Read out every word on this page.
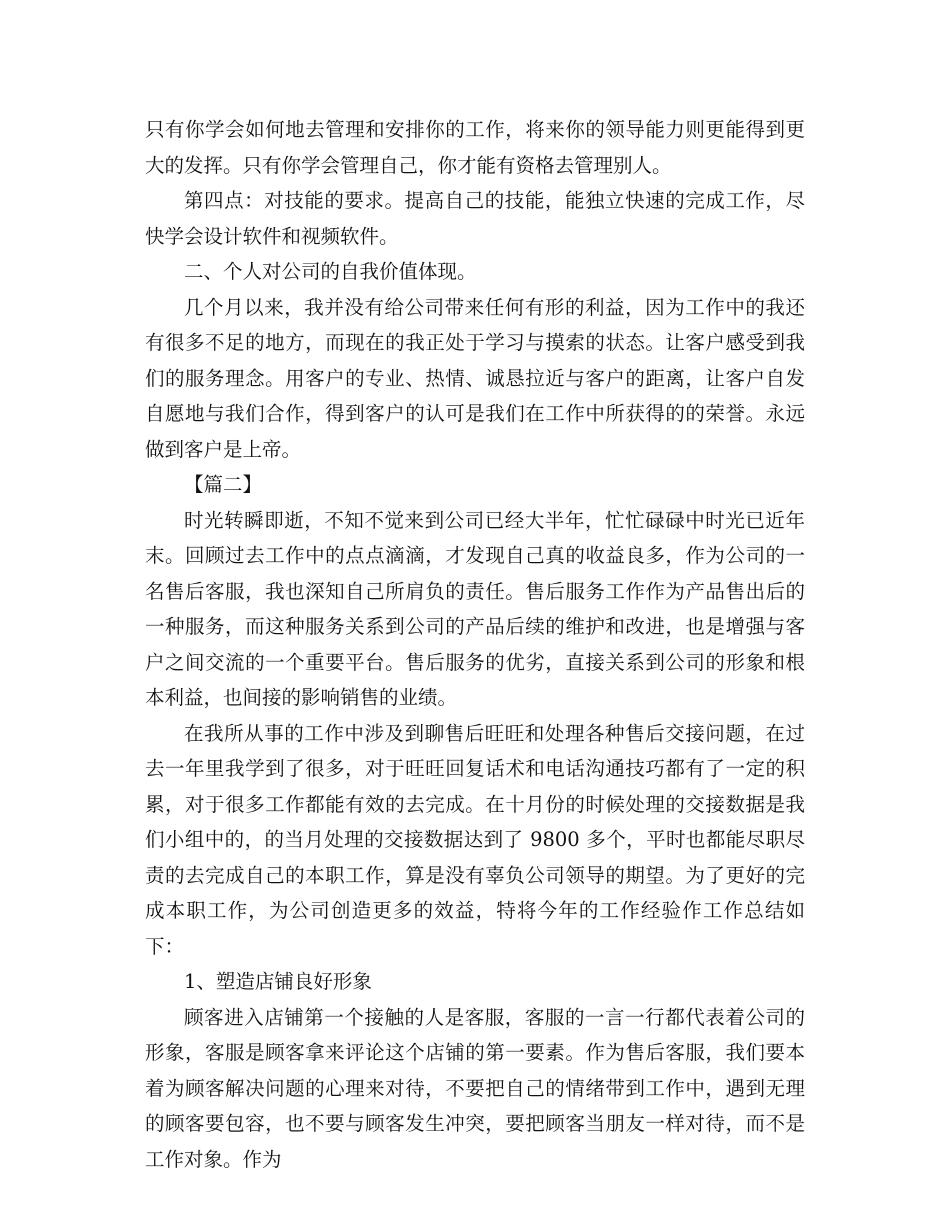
只有你学会如何地去管理和安排你的工作，将来你的领导能力则更能得到更大的发挥。只有你学会管理自己，你才能有资格去管理别人。

第四点：对技能的要求。提高自己的技能，能独立快速的完成工作，尽快学会设计软件和视频软件。

二、个人对公司的自我价值体现。

几个月以来，我并没有给公司带来任何有形的利益，因为工作中的我还有很多不足的地方，而现在的我正处于学习与摸索的状态。让客户感受到我们的服务理念。用客户的专业、热情、诚恳拉近与客户的距离，让客户自发自愿地与我们合作，得到客户的认可是我们在工作中所获得的的荣誉。永远做到客户是上帝。

【篇二】

时光转瞬即逝，不知不觉来到公司已经大半年，忙忙碌碌中时光已近年末。回顾过去工作中的点点滴滴，才发现自己真的收益良多，作为公司的一名售后客服，我也深知自己所肩负的责任。售后服务工作作为产品售出后的一种服务，而这种服务关系到公司的产品后续的维护和改进，也是增强与客户之间交流的一个重要平台。售后服务的优劣，直接关系到公司的形象和根本利益，也间接的影响销售的业绩。

在我所从事的工作中涉及到聊售后旺旺和处理各种售后交接问题，在过去一年里我学到了很多，对于旺旺回复话术和电话沟通技巧都有了一定的积累，对于很多工作都能有效的去完成。在十月份的时候处理的交接数据是我们小组中的，的当月处理的交接数据达到了 9800 多个，平时也都能尽职尽责的去完成自己的本职工作，算是没有辜负公司领导的期望。为了更好的完成本职工作，为公司创造更多的效益，特将今年的工作经验作工作总结如下：

1、塑造店铺良好形象

顾客进入店铺第一个接触的人是客服，客服的一言一行都代表着公司的形象，客服是顾客拿来评论这个店铺的第一要素。作为售后客服，我们要本着为顾客解决问题的心理来对待，不要把自己的情绪带到工作中，遇到无理的顾客要包容，也不要与顾客发生冲突，要把顾客当朋友一样对待，而不是工作对象。作为
